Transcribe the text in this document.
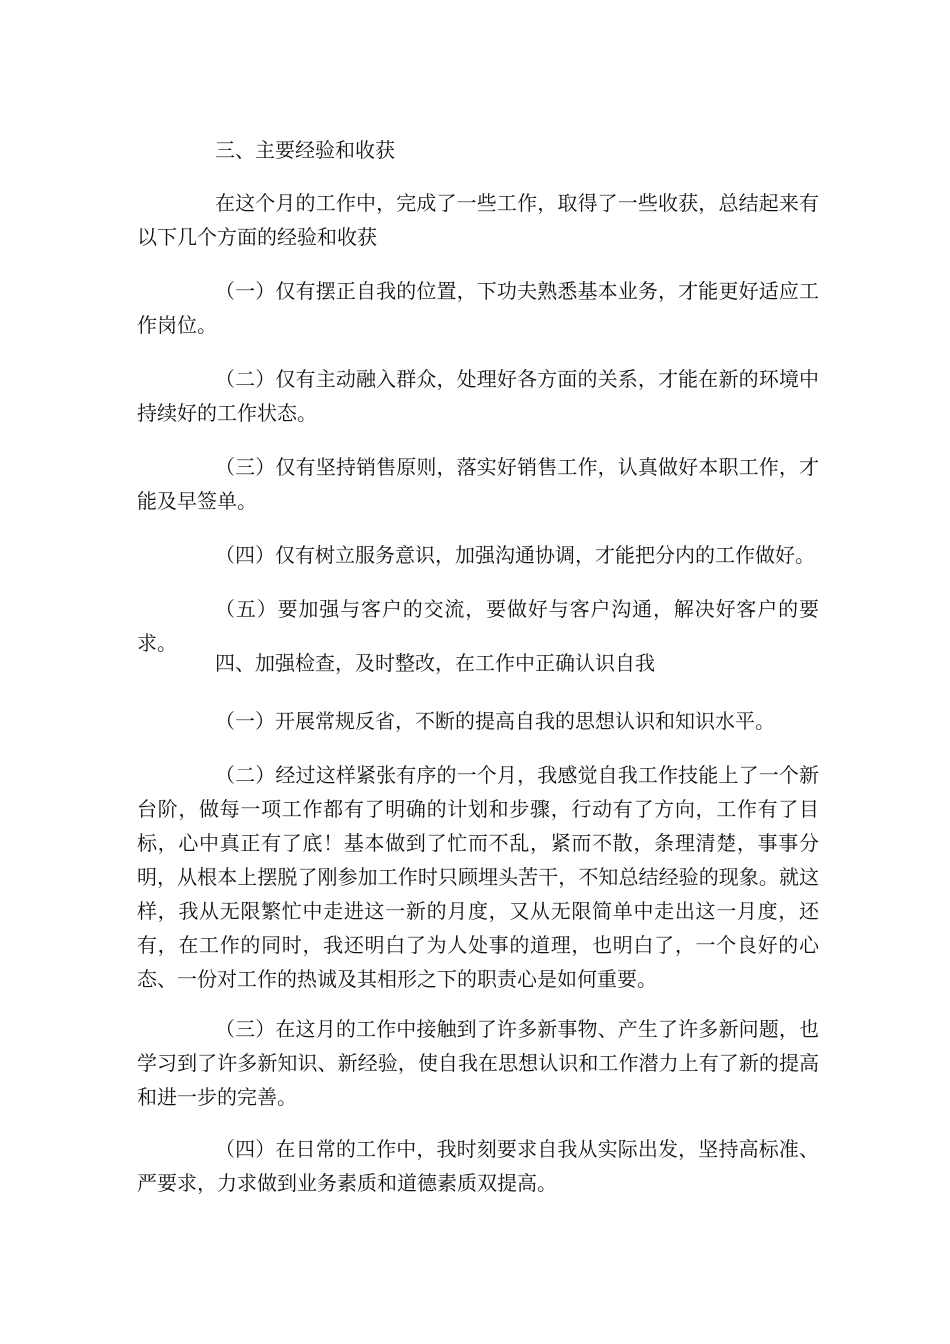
三、主要经验和收获

在这个月的工作中，完成了一些工作，取得了一些收获，总结起来有以下几个方面的经验和收获

（一）仅有摆正自我的位置，下功夫熟悉基本业务，才能更好适应工作岗位。

（二）仅有主动融入群众，处理好各方面的关系，才能在新的环境中持续好的工作状态。

（三）仅有坚持销售原则，落实好销售工作，认真做好本职工作，才能及早签单。

（四）仅有树立服务意识，加强沟通协调，才能把分内的工作做好。

（五）要加强与客户的交流，要做好与客户沟通，解决好客户的要求。

四、加强检查，及时整改，在工作中正确认识自我

（一）开展常规反省，不断的提高自我的思想认识和知识水平。

（二）经过这样紧张有序的一个月，我感觉自我工作技能上了一个新台阶，做每一项工作都有了明确的计划和步骤，行动有了方向，工作有了目标，心中真正有了底！基本做到了忙而不乱，紧而不散，条理清楚，事事分明，从根本上摆脱了刚参加工作时只顾埋头苦干，不知总结经验的现象。就这样，我从无限繁忙中走进这一新的月度，又从无限简单中走出这一月度，还有，在工作的同时，我还明白了为人处事的道理，也明白了，一个良好的心态、一份对工作的热诚及其相形之下的职责心是如何重要。

（三）在这月的工作中接触到了许多新事物、产生了许多新问题，也学习到了许多新知识、新经验，使自我在思想认识和工作潜力上有了新的提高和进一步的完善。

（四）在日常的工作中，我时刻要求自我从实际出发，坚持高标准、严要求，力求做到业务素质和道德素质双提高。
